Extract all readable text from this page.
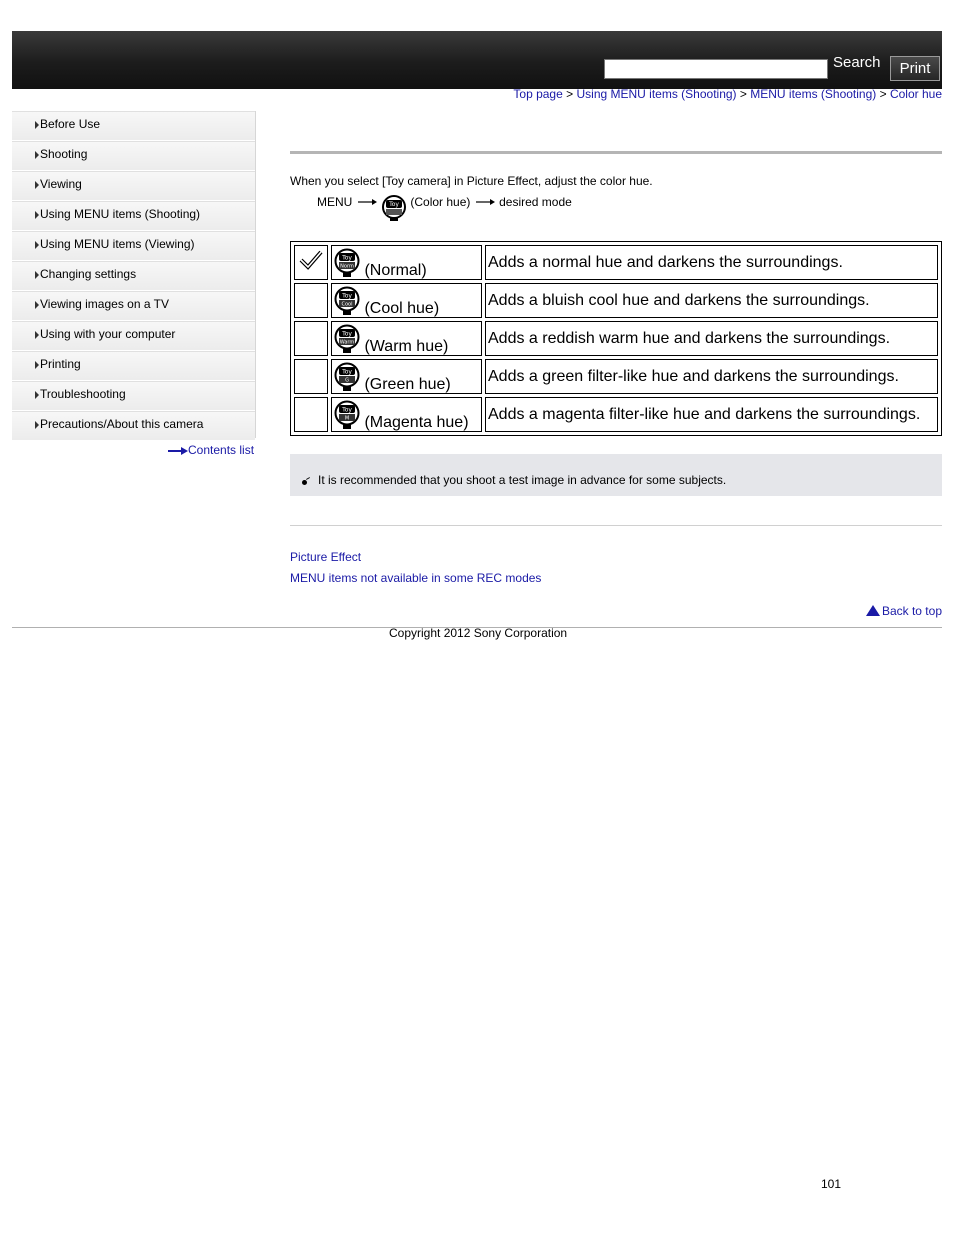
Search	Print
Top page > Using MENU items (Shooting) > MENU items (Shooting) > Color hue
Before Use
Shooting
Viewing
Using MENU items (Shooting)
Using MENU items (Viewing)
Changing settings
Viewing images on a TV
Using with your computer
Printing
Troubleshooting
Precautions/About this camera
Contents list
When you select [Toy camera] in Picture Effect, adjust the color hue.
MENU	Toy (Color hue) desired mode

Toy
Norm (Normal)	Adds a normal hue and darkens the surroundings.

Toy
Cool (Cool hue)	Adds a bluish cool hue and darkens the surroundings.

Toy
Warm (Warm hue)	Adds a reddish warm hue and darkens the surroundings.

Toy
G (Green hue)	Adds a green filter-like hue and darkens the surroundings.

Toy
M (Magenta hue)	Adds a magenta filter-like hue and darkens the surroundings.
It is recommended that you shoot a test image in advance for some subjects.
Picture Effect
MENU items not available in some REC modes
Back to top
Copyright 2012 Sony Corporation
101
